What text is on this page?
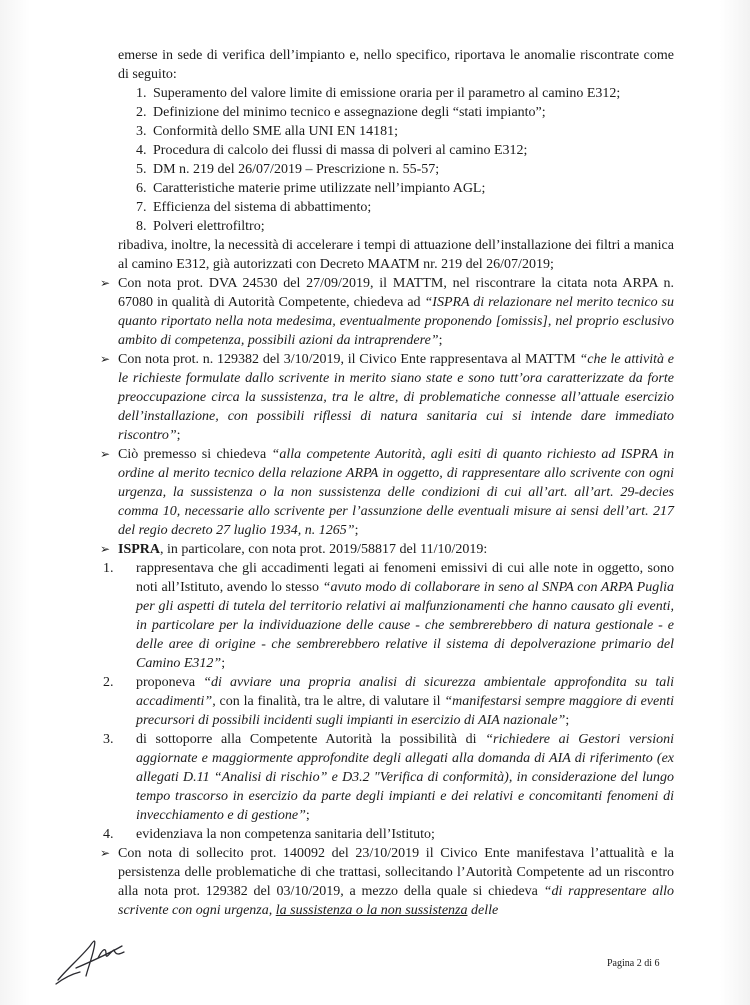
emerse in sede di verifica dell’impianto e, nello specifico, riportava le anomalie riscontrate come di seguito:

1. Superamento del valore limite di emissione oraria per il parametro al camino E312;
2. Definizione del minimo tecnico e assegnazione degli “stati impianto”;
3. Conformità dello SME alla UNI EN 14181;
4. Procedura di calcolo dei flussi di massa di polveri al camino E312;
5. DM n. 219 del 26/07/2019 – Prescrizione n. 55-57;
6. Caratteristiche materie prime utilizzate nell’impianto AGL;
7. Efficienza del sistema di abbattimento;
8. Polveri elettrofiltro;

ribadiva, inoltre, la necessità di accelerare i tempi di attuazione dell’installazione dei filtri a manica al camino E312, già autorizzati con Decreto MAATM nr. 219 del 26/07/2019;

➢ Con nota prot. DVA 24530 del 27/09/2019, il MATTM, nel riscontrare la citata nota ARPA n. 67080 in qualità di Autorità Competente, chiedeva ad “ISPRA di relazionare nel merito tecnico su quanto riportato nella nota medesima, eventualmente proponendo [omissis], nel proprio esclusivo ambito di competenza, possibili azioni da intraprendere”;
➢ Con nota prot. n. 129382 del 3/10/2019, il Civico Ente rappresentava al MATTM “che le attività e le richieste formulate dallo scrivente in merito siano state e sono tutt’ora caratterizzate da forte preoccupazione circa la sussistenza, tra le altre, di problematiche connesse all’attuale esercizio dell’installazione, con possibili riflessi di natura sanitaria cui si intende dare immediato riscontro”;
➢ Ciò premesso si chiedeva “alla competente Autorità, agli esiti di quanto richiesto ad ISPRA in ordine al merito tecnico della relazione ARPA in oggetto, di rappresentare allo scrivente con ogni urgenza, la sussistenza o la non sussistenza delle condizioni di cui all’art. all’art. 29-decies comma 10, necessarie allo scrivente per l’assunzione delle eventuali misure ai sensi dell’art. 217 del regio decreto 27 luglio 1934, n. 1265”;
➢ ISPRA, in particolare, con nota prot. 2019/58817 del 11/10/2019:
1. rappresentava che gli accadimenti legati ai fenomeni emissivi di cui alle note in oggetto, sono noti all’Istituto, avendo lo stesso “avuto modo di collaborare in seno al SNPA con ARPA Puglia per gli aspetti di tutela del territorio relativi ai malfunzionamenti che hanno causato gli eventi, in particolare per la individuazione delle cause - che sembrerebbero di natura gestionale - e delle aree di origine - che sembrerebbero relative il sistema di depolverazione primario del Camino E312”;
2. proponeva “di avviare una propria analisi di sicurezza ambientale approfondita su tali accadimenti”, con la finalità, tra le altre, di valutare il “manifestarsi sempre maggiore di eventi precursori di possibili incidenti sugli impianti in esercizio di AIA nazionale”;
3. di sottoporre alla Competente Autorità la possibilità di “richiedere ai Gestori versioni aggiornate e maggiormente approfondite degli allegati alla domanda di AIA di riferimento (ex allegati D.11 “Analisi di rischio” e D3.2 "Verifica di conformità), in considerazione del lungo tempo trascorso in esercizio da parte degli impianti e dei relativi e concomitanti fenomeni di invecchiamento e di gestione”;
4. evidenziava la non competenza sanitaria dell’Istituto;
➢ Con nota di sollecito prot. 140092 del 23/10/2019 il Civico Ente manifestava l’attualità e la persistenza delle problematiche di che trattasi, sollecitando l’Autorità Competente ad un riscontro alla nota prot. 129382 del 03/10/2019, a mezzo della quale si chiedeva “di rappresentare allo scrivente con ogni urgenza, la sussistenza o la non sussistenza delle
Pagina 2 di 6
